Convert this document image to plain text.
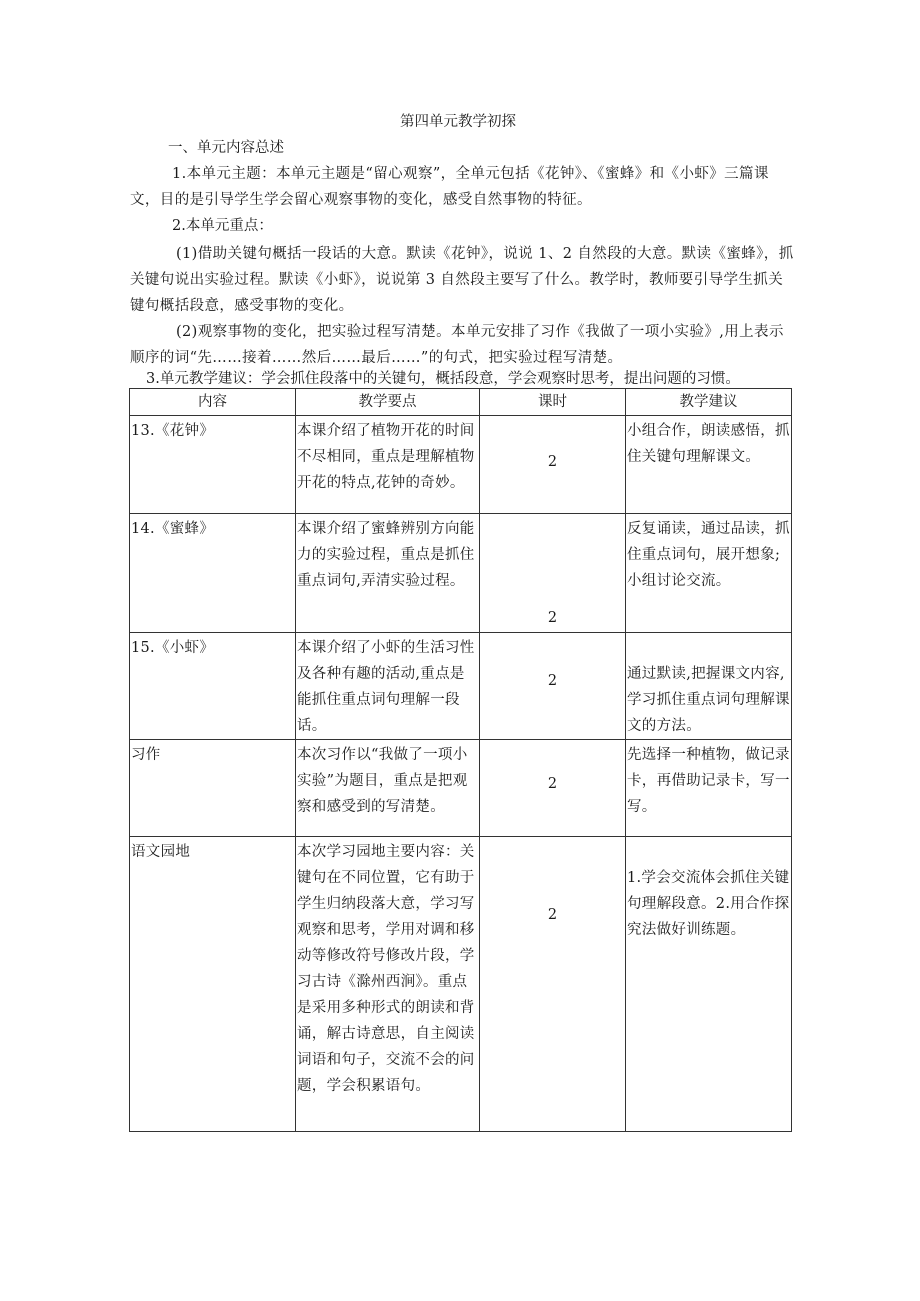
第四单元教学初探
一、单元内容总述
1.本单元主题：本单元主题是“留心观察”，全单元包括《花钟》、《蜜蜂》和《小虾》三篇课文，目的是引导学生学会留心观察事物的变化，感受自然事物的特征。
2.本单元重点：
(1)借助关键句概括一段话的大意。默读《花钟》，说说 1、2 自然段的大意。默读《蜜蜂》，抓关键句说出实验过程。默读《小虾》，说说第 3 自然段主要写了什么。教学时，教师要引导学生抓关键句概括段意，感受事物的变化。
(2)观察事物的变化，把实验过程写清楚。本单元安排了习作《我做了一项小实验》,用上表示顺序的词“先……接着……然后……最后……”的句式，把实验过程写清楚。
3.单元教学建议：学会抓住段落中的关键句，概括段意，学会观察时思考，提出问题的习惯。
内容	教学要点	课时	教学建议

13.《花钟》	本课介绍了植物开花的时间不尽相同，重点是理解植物开花的特点,花钟的奇妙。	2	小组合作，朗读感悟，抓住关键句理解课文。

14.《蜜蜂》	本课介绍了蜜蜂辨别方向能力的实验过程，重点是抓住重点词句,弄清实验过程。	2	反复诵读，通过品读，抓住重点词句，展开想象;小组讨论交流。

15.《小虾》	本课介绍了小虾的生活习性及各种有趣的活动,重点是能抓住重点词句理解一段话。	2	通过默读,把握课文内容,学习抓住重点词句理解课文的方法。

习作	本次习作以“我做了一项小实验”为题目，重点是把观察和感受到的写清楚。	2	先选择一种植物，做记录卡，再借助记录卡，写一写。

语文园地	本次学习园地主要内容：关键句在不同位置，它有助于学生归纳段落大意，学习写观察和思考，学用对调和移动等修改符号修改片段，学习古诗《滁州西涧》。重点是采用多种形式的朗读和背诵，解古诗意思，自主阅读词语和句子，交流不会的问题，学会积累语句。	2	1.学会交流体会抓住关键句理解段意。2.用合作探究法做好训练题。
